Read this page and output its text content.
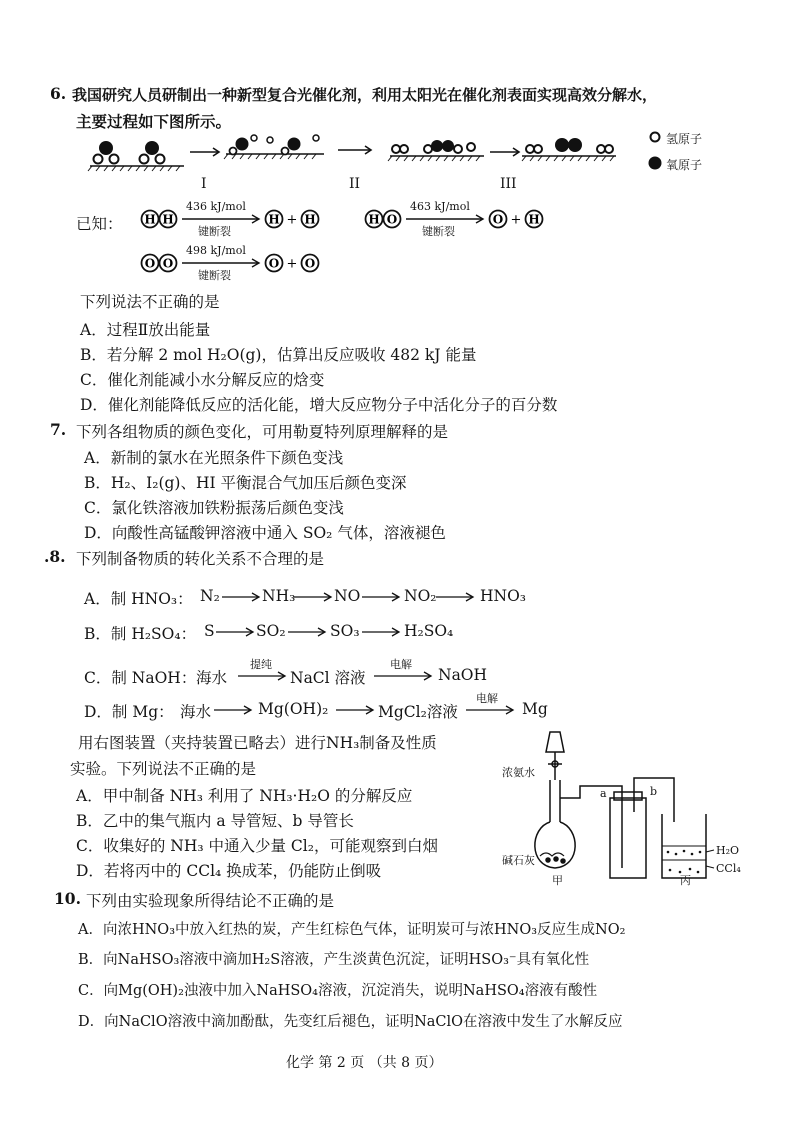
6. 我国研究人员研制出一种新型复合光催化剂，利用太阳光在催化剂表面实现高效分解水，
主要过程如下图所示。
I	II	III
氢原子
氧原子
已知： H H
436 kJ/mol
键断裂
H + H	H O
463 kJ/mol
键断裂
O + H
O O
498 kJ/mol
键断裂
O + O
下列说法不正确的是
A．过程Ⅱ放出能量
B．若分解 2 mol H₂O(g)，估算出反应吸收 482 kJ 能量
C．催化剂能减小水分解反应的焓变
D．催化剂能降低反应的活化能，增大反应物分子中活化分子的百分数
7. 下列各组物质的颜色变化，可用勒夏特列原理解释的是
A．新制的氯水在光照条件下颜色变浅
B．H₂、I₂(g)、HI 平衡混合气加压后颜色变深
C．氯化铁溶液加铁粉振荡后颜色变浅
D．向酸性高锰酸钾溶液中通入 SO₂ 气体，溶液褪色
.8. 下列制备物质的转化关系不合理的是
A．制 HNO₃： N₂	NH₃ NO	NO₂	HNO₃
B．制 H₂SO₄： S	SO₂	SO₃	H₂SO₄
C．制 NaOH： 海水
提纯
NaCl 溶液
电解
NaOH
D．制 Mg： 海水	Mg(OH)₂	MgCl₂溶液
电解
Mg
用右图装置（夹持装置已略去）进行NH₃制备及性质
实验。下列说法不正确的是
A．甲中制备 NH₃ 利用了 NH₃·H₂O 的分解反应
B．乙中的集气瓶内 a 导管短、b 导管长
C．收集好的 NH₃ 中通入少量 Cl₂，可能观察到白烟
D．若将丙中的 CCl₄ 换成苯，仍能防止倒吸
浓氨水
碱石灰
甲
a	b
丙
H₂O
CCl₄
10. 下列由实验现象所得结论不正确的是
A．向浓HNO₃中放入红热的炭，产生红棕色气体，证明炭可与浓HNO₃反应生成NO₂
B．向NaHSO₃溶液中滴加H₂S溶液，产生淡黄色沉淀，证明HSO₃⁻具有氧化性
C．向Mg(OH)₂浊液中加入NaHSO₄溶液，沉淀消失，说明NaHSO₄溶液有酸性
D．向NaClO溶液中滴加酚酞，先变红后褪色，证明NaClO在溶液中发生了水解反应
化学 第 2 页 （共 8 页）
